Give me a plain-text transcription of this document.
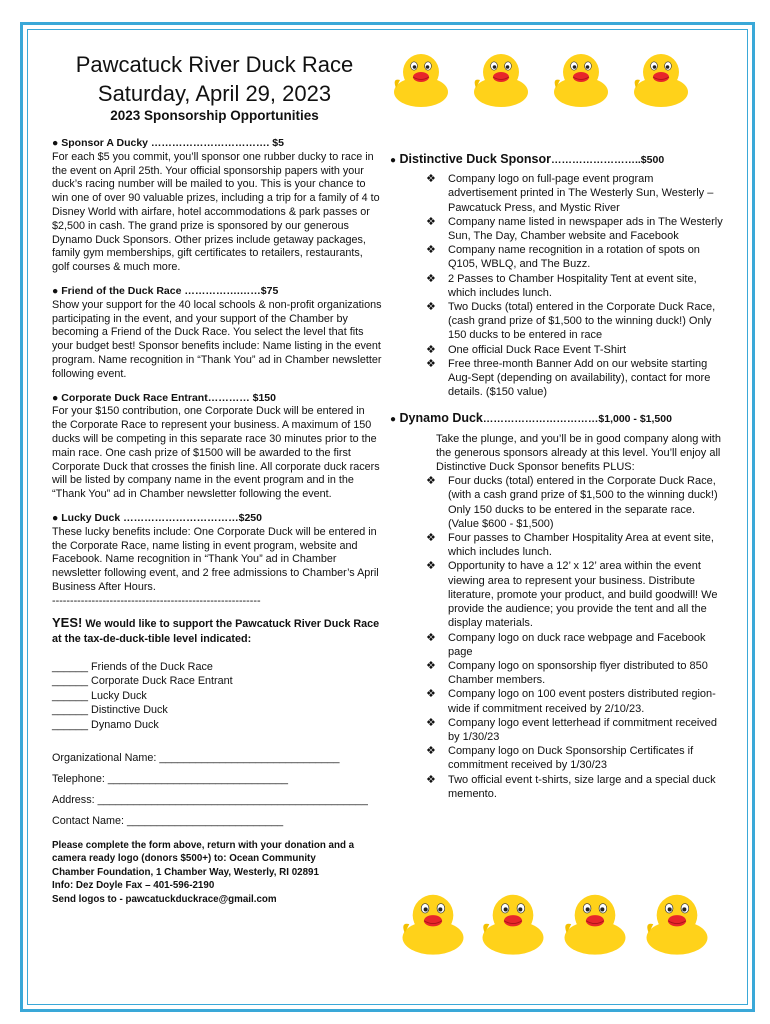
Pawcatuck River Duck Race
Saturday, April 29, 2023
2023 Sponsorship Opportunities

● Sponsor A Ducky ……………………………. $5

For each $5 you commit, you’ll sponsor one rubber ducky to race in the event on April 25th. Your official sponsorship papers with your duck’s racing number will be mailed to you. This is your chance to win one of over 90 valuable prizes, including a trip for a family of 4 to Disney World with airfare, hotel accommodations & park passes or $2,500 in cash. The grand prize is sponsored by our generous Dynamo Duck Sponsors. Other prizes include getaway packages, family gym memberships, gift certificates to retailers, restaurants, golf courses & much more.

● Friend of the Duck Race …………….……$75

Show your support for the 40 local schools & non-profit organizations participating in the event, and your support of the Chamber by becoming a Friend of the Duck Race. You select the level that fits your budget best! Sponsor benefits include: Name listing in the event program. Name recognition in “Thank You” ad in Chamber newsletter following event.

● Corporate Duck Race Entrant………… $150

For your $150 contribution, one Corporate Duck will be entered in the Corporate Race to represent your business. A maximum of 150 ducks will be competing in this separate race 30 minutes prior to the main race. One cash prize of $1500 will be awarded to the first Corporate Duck that crosses the finish line. All corporate duck racers will be listed by company name in the event program and in the “Thank You” ad in Chamber newsletter following the event.

● Lucky Duck ……………………………$250

These lucky benefits include: One Corporate Duck will be entered in the Corporate Race, name listing in event program, website and Facebook. Name recognition in “Thank You” ad in Chamber newsletter following event, and 2 free admissions to Chamber’s April Business After Hours.

----------------------------------------------------------
YES! We would like to support the Pawcatuck River Duck Race at the tax-de-duck-tible level indicated:
______ Friends of the Duck Race
______ Corporate Duck Race Entrant
______ Lucky Duck
______ Distinctive Duck
______ Dynamo Duck
Organizational Name: ______________________________
Telephone: ______________________________
Address: _____________________________________________
Contact Name: __________________________
Please complete the form above, return with your donation and a
camera ready logo (donors $500+) to: Ocean Community
Chamber Foundation, 1 Chamber Way, Westerly, RI 02891
Info: Dez Doyle Fax – 401-596-2190
Send logos to - pawcatuckduckrace@gmail.com
● Distinctive Duck Sponsor……………………..$500
❖ Company logo on full-page event program advertisement printed in The Westerly Sun, Westerly – Pawcatuck Press, and Mystic River
❖ Company name listed in newspaper ads in The Westerly Sun, The Day, Chamber website and Facebook
❖ Company name recognition in a rotation of spots on Q105, WBLQ, and The Buzz.
❖ 2 Passes to Chamber Hospitality Tent at event site, which includes lunch.
❖ Two Ducks (total) entered in the Corporate Duck Race, (cash grand prize of $1,500 to the winning duck!) Only 150 ducks to be entered in race
❖ One official Duck Race Event T-Shirt
❖ Free three-month Banner Add on our website starting Aug-Sept (depending on availability), contact for more details. ($150 value)
● Dynamo Duck……………………………$1,000 - $1,500
Take the plunge, and you’ll be in good company along with the generous sponsors already at this level. You’ll enjoy all Distinctive Duck Sponsor benefits PLUS:
❖ Four ducks (total) entered in the Corporate Duck Race, (with a cash grand prize of $1,500 to the winning duck!) Only 150 ducks to be entered in the separate race. (Value $600 - $1,500)
❖ Four passes to Chamber Hospitality Area at event site, which includes lunch.
❖ Opportunity to have a 12’ x 12’ area within the event viewing area to represent your business. Distribute literature, promote your product, and build goodwill! We provide the audience; you provide the tent and all the display materials.
❖ Company logo on duck race webpage and Facebook page
❖ Company logo on sponsorship flyer distributed to 850 Chamber members.
❖ Company logo on 100 event posters distributed region-wide if commitment received by 2/10/23.
❖ Company logo event letterhead if commitment received by 1/30/23
❖ Company logo on Duck Sponsorship Certificates if commitment received by 1/30/23
❖ Two official event t-shirts, size large and a special duck memento.
